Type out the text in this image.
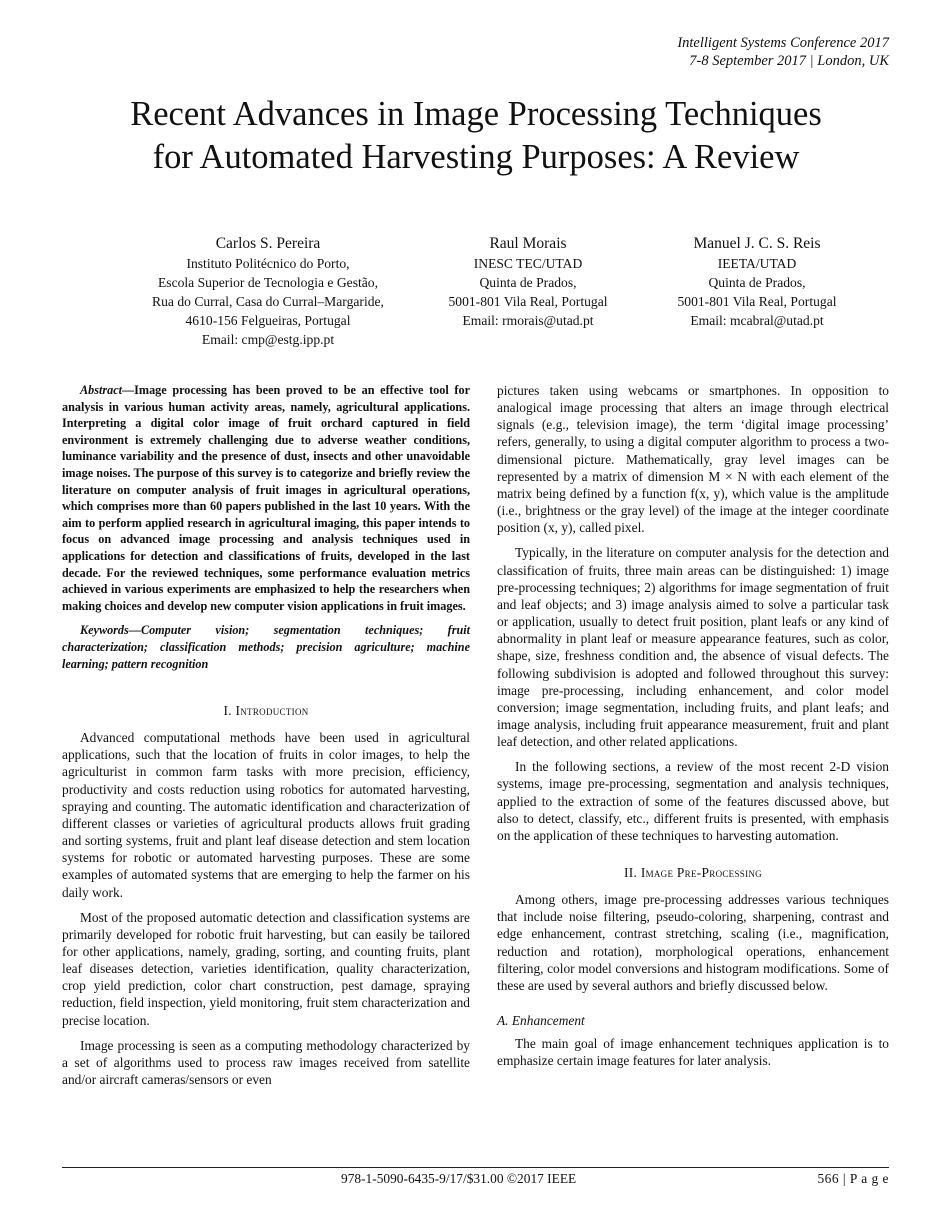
Intelligent Systems Conference 2017
7-8 September 2017 | London, UK
Recent Advances in Image Processing Techniques
for Automated Harvesting Purposes: A Review
Carlos S. Pereira
Instituto Politécnico do Porto,
Escola Superior de Tecnologia e Gestão,
Rua do Curral, Casa do Curral–Margaride,
4610-156 Felgueiras, Portugal
Email: cmp@estg.ipp.pt
Raul Morais
INESC TEC/UTAD
Quinta de Prados,
5001-801 Vila Real, Portugal
Email: rmorais@utad.pt
Manuel J. C. S. Reis
IEETA/UTAD
Quinta de Prados,
5001-801 Vila Real, Portugal
Email: mcabral@utad.pt

Abstract—Image processing has been proved to be an effective tool for analysis in various human activity areas, namely, agricultural applications. Interpreting a digital color image of fruit orchard captured in field environment is extremely challenging due to adverse weather conditions, luminance variability and the presence of dust, insects and other unavoidable image noises. The purpose of this survey is to categorize and briefly review the literature on computer analysis of fruit images in agricultural operations, which comprises more than 60 papers published in the last 10 years. With the aim to perform applied research in agricultural imaging, this paper intends to focus on advanced image processing and analysis techniques used in applications for detection and classifications of fruits, developed in the last decade. For the reviewed techniques, some performance evaluation metrics achieved in various experiments are emphasized to help the researchers when making choices and develop new computer vision applications in fruit images.

Keywords—Computer vision; segmentation techniques; fruit characterization; classification methods; precision agriculture; machine learning; pattern recognition

I. Introduction

Advanced computational methods have been used in agricultural applications, such that the location of fruits in color images, to help the agriculturist in common farm tasks with more precision, efficiency, productivity and costs reduction using robotics for automated harvesting, spraying and counting. The automatic identification and characterization of different classes or varieties of agricultural products allows fruit grading and sorting systems, fruit and plant leaf disease detection and stem location systems for robotic or automated harvesting purposes. These are some examples of automated systems that are emerging to help the farmer on his daily work.

Most of the proposed automatic detection and classification systems are primarily developed for robotic fruit harvesting, but can easily be tailored for other applications, namely, grading, sorting, and counting fruits, plant leaf diseases detection, varieties identification, quality characterization, crop yield prediction, color chart construction, pest damage, spraying reduction, field inspection, yield monitoring, fruit stem characterization and precise location.

Image processing is seen as a computing methodology characterized by a set of algorithms used to process raw images received from satellite and/or aircraft cameras/sensors or even

pictures taken using webcams or smartphones. In opposition to analogical image processing that alters an image through electrical signals (e.g., television image), the term ‘digital image processing’ refers, generally, to using a digital computer algorithm to process a two-dimensional picture. Mathematically, gray level images can be represented by a matrix of dimension M × N with each element of the matrix being defined by a function f(x, y), which value is the amplitude (i.e., brightness or the gray level) of the image at the integer coordinate position (x, y), called pixel.

Typically, in the literature on computer analysis for the detection and classification of fruits, three main areas can be distinguished: 1) image pre-processing techniques; 2) algorithms for image segmentation of fruit and leaf objects; and 3) image analysis aimed to solve a particular task or application, usually to detect fruit position, plant leafs or any kind of abnormality in plant leaf or measure appearance features, such as color, shape, size, freshness condition and, the absence of visual defects. The following subdivision is adopted and followed throughout this survey: image pre-processing, including enhancement, and color model conversion; image segmentation, including fruits, and plant leafs; and image analysis, including fruit appearance measurement, fruit and plant leaf detection, and other related applications.

In the following sections, a review of the most recent 2-D vision systems, image pre-processing, segmentation and analysis techniques, applied to the extraction of some of the features discussed above, but also to detect, classify, etc., different fruits is presented, with emphasis on the application of these techniques to harvesting automation.

II. Image Pre-Processing

Among others, image pre-processing addresses various techniques that include noise filtering, pseudo-coloring, sharpening, contrast and edge enhancement, contrast stretching, scaling (i.e., magnification, reduction and rotation), morphological operations, enhancement filtering, color model conversions and histogram modifications. Some of these are used by several authors and briefly discussed below.

A. Enhancement

The main goal of image enhancement techniques application is to emphasize certain image features for later analysis.

978-1-5090-6435-9/17/$31.00 ©2017 IEEE	566 | P a g e
